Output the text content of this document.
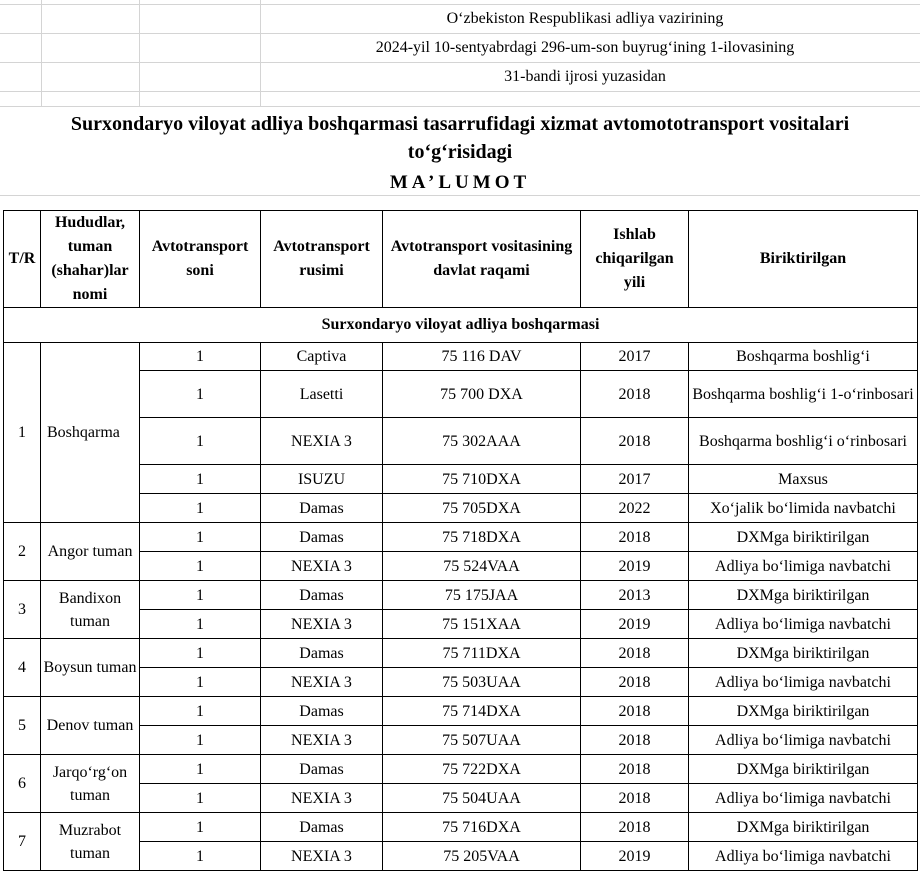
O‘zbekiston Respublikasi adliya vazirining
2024-yil 10-sentyabrdagi 296-um-son buyrug‘ining 1-ilovasining
31-bandi ijrosi yuzasidan
Surxondaryo viloyat adliya boshqarmasi tasarrufidagi xizmat avtomototransport vositalari
to‘g‘risidagi
MA’LUMOT
T/R	Hududlar, tuman (shahar)lar nomi	Avtotransport soni	Avtotransport rusimi	Avtotransport vositasining davlat raqami	Ishlab chiqarilgan yili	Biriktirilgan
Surxondaryo viloyat adliya boshqarmasi						
1	Boshqarma	1	Captiva	75 116 DAV	2017	Boshqarma boshlig‘i
		1	Lasetti	75 700 DXA	2018	Boshqarma boshlig‘i 1-o‘rinbosari
		1	NEXIA 3	75 302AAA	2018	Boshqarma boshlig‘i o‘rinbosari
		1	ISUZU	75 710DXA	2017	Maxsus
		1	Damas	75 705DXA	2022	Xo‘jalik bo‘limida navbatchi
2	Angor tuman	1	Damas	75 718DXA	2018	DXMga biriktirilgan
		1	NEXIA 3	75 524VAA	2019	Adliya bo‘limiga navbatchi
3	Bandixon tuman	1	Damas	75 175JAA	2013	DXMga biriktirilgan
		1	NEXIA 3	75 151XAA	2019	Adliya bo‘limiga navbatchi
4	Boysun tuman	1	Damas	75 711DXA	2018	DXMga biriktirilgan
		1	NEXIA 3	75 503UAA	2018	Adliya bo‘limiga navbatchi
5	Denov tuman	1	Damas	75 714DXA	2018	DXMga biriktirilgan
		1	NEXIA 3	75 507UAA	2018	Adliya bo‘limiga navbatchi
6	Jarqo‘rg‘on tuman	1	Damas	75 722DXA	2018	DXMga biriktirilgan
		1	NEXIA 3	75 504UAA	2018	Adliya bo‘limiga navbatchi
7	Muzrabot tuman	1	Damas	75 716DXA	2018	DXMga biriktirilgan
		1	NEXIA 3	75 205VAA	2019	Adliya bo‘limiga navbatchi
